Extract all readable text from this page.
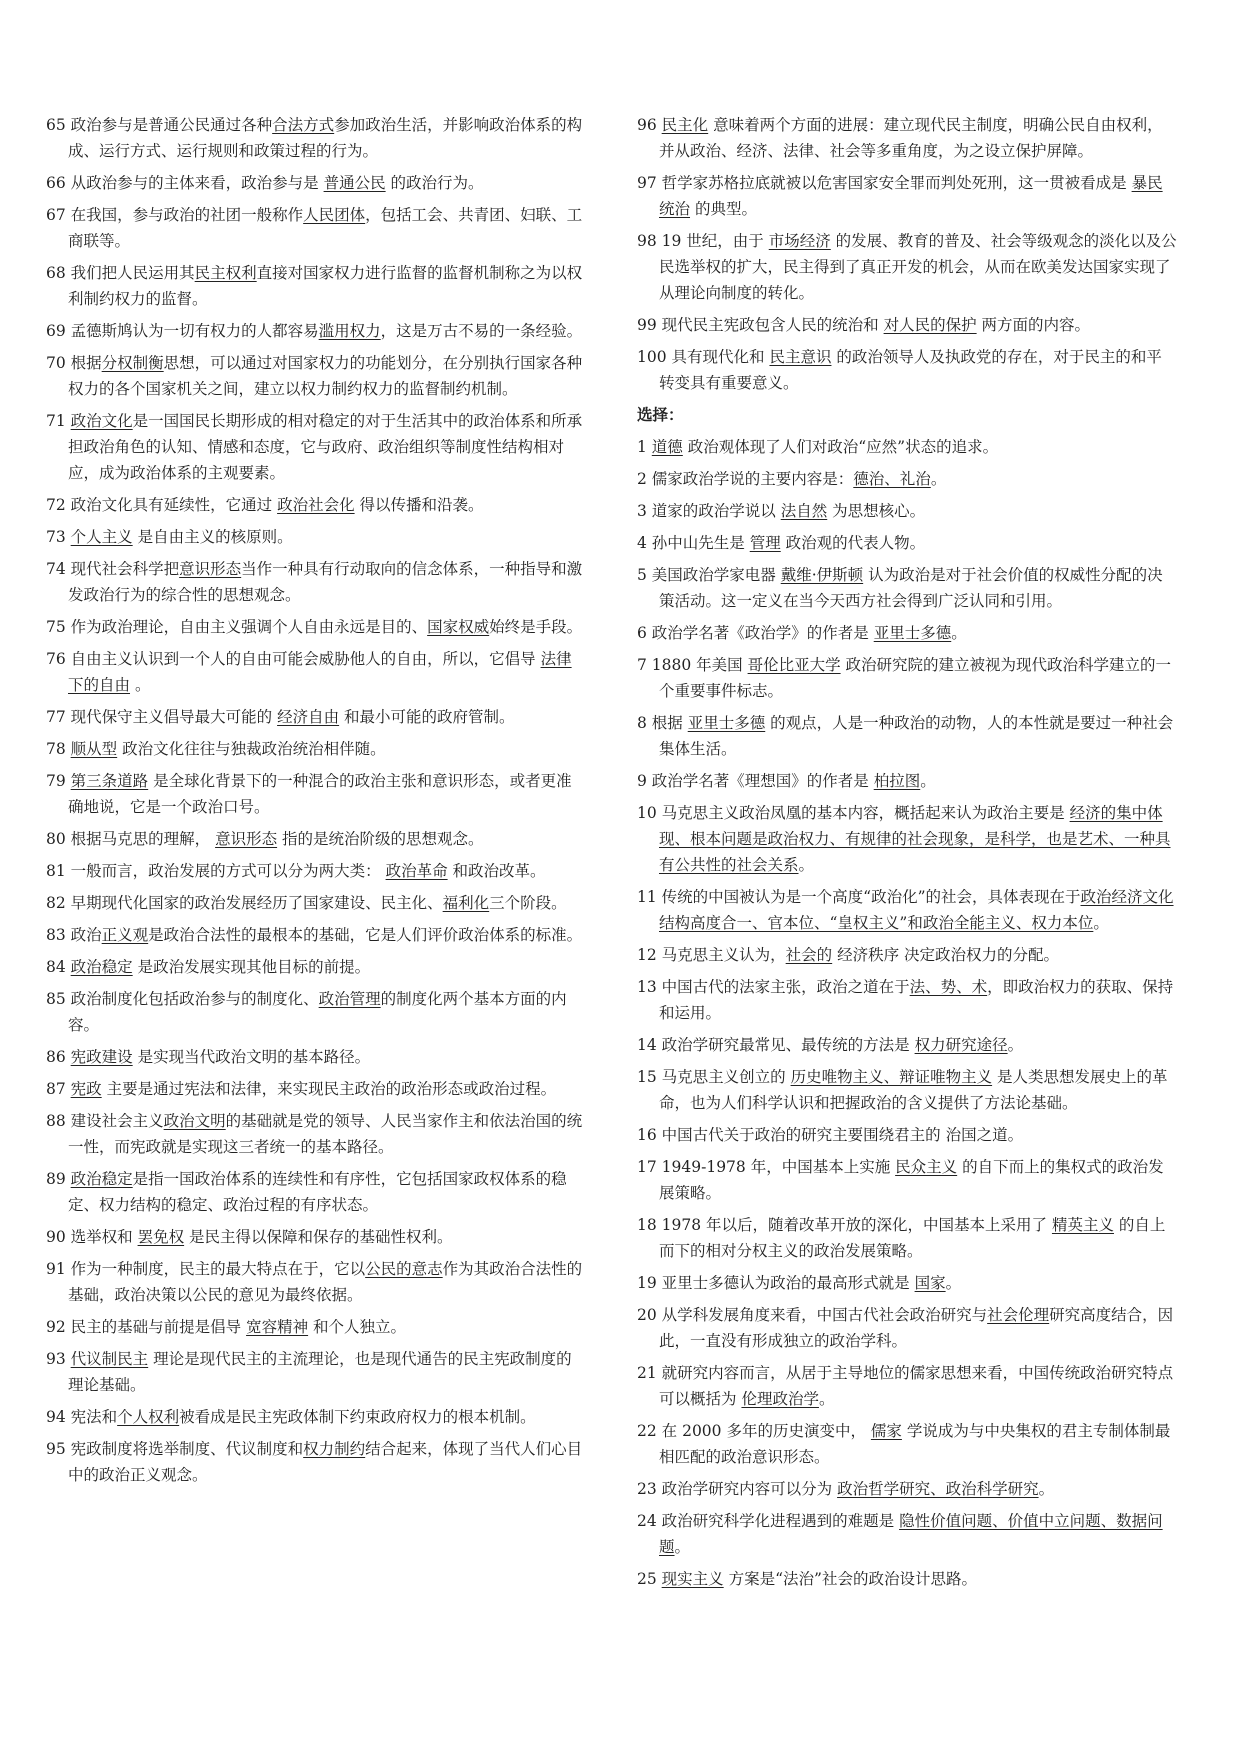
65 政治参与是普通公民通过各种合法方式参加政治生活，并影响政治体系的构成、运行方式、运行规则和政策过程的行为。
66 从政治参与的主体来看，政治参与是 普通公民 的政治行为。
67 在我国，参与政治的社团一般称作人民团体，包括工会、共青团、妇联、工商联等。
68 我们把人民运用其民主权利直接对国家权力进行监督的监督机制称之为以权利制约权力的监督。
69 孟德斯鸠认为一切有权力的人都容易滥用权力，这是万古不易的一条经验。
70 根据分权制衡思想，可以通过对国家权力的功能划分，在分别执行国家各种权力的各个国家机关之间，建立以权力制约权力的监督制约机制。
71 政治文化是一国国民长期形成的相对稳定的对于生活其中的政治体系和所承担政治角色的认知、情感和态度，它与政府、政治组织等制度性结构相对应，成为政治体系的主观要素。
72 政治文化具有延续性，它通过 政治社会化 得以传播和沿袭。
73 个人主义 是自由主义的核原则。
74 现代社会科学把意识形态当作一种具有行动取向的信念体系，一种指导和激发政治行为的综合性的思想观念。
75 作为政治理论，自由主义强调个人自由永远是目的、国家权威始终是手段。
76 自由主义认识到一个人的自由可能会威胁他人的自由，所以，它倡导 法律下的自由 。
77 现代保守主义倡导最大可能的 经济自由 和最小可能的政府管制。
78 顺从型 政治文化往往与独裁政治统治相伴随。
79 第三条道路 是全球化背景下的一种混合的政治主张和意识形态，或者更准确地说，它是一个政治口号。
80 根据马克思的理解， 意识形态 指的是统治阶级的思想观念。
81 一般而言，政治发展的方式可以分为两大类： 政治革命 和政治改革。
82 早期现代化国家的政治发展经历了国家建设、民主化、福利化三个阶段。
83 政治正义观是政治合法性的最根本的基础，它是人们评价政治体系的标准。
84 政治稳定 是政治发展实现其他目标的前提。
85 政治制度化包括政治参与的制度化、政治管理的制度化两个基本方面的内容。
86 宪政建设 是实现当代政治文明的基本路径。
87 宪政 主要是通过宪法和法律，来实现民主政治的政治形态或政治过程。
88 建设社会主义政治文明的基础就是党的领导、人民当家作主和依法治国的统一性，而宪政就是实现这三者统一的基本路径。
89 政治稳定是指一国政治体系的连续性和有序性，它包括国家政权体系的稳定、权力结构的稳定、政治过程的有序状态。
90 选举权和 罢免权 是民主得以保障和保存的基础性权利。
91 作为一种制度，民主的最大特点在于，它以公民的意志作为其政治合法性的基础，政治决策以公民的意见为最终依据。
92 民主的基础与前提是倡导 宽容精神 和个人独立。
93 代议制民主 理论是现代民主的主流理论，也是现代通告的民主宪政制度的理论基础。
94 宪法和个人权利被看成是民主宪政体制下约束政府权力的根本机制。
95 宪政制度将选举制度、代议制度和权力制约结合起来，体现了当代人们心目中的政治正义观念。
96 民主化 意味着两个方面的进展：建立现代民主制度，明确公民自由权利，并从政治、经济、法律、社会等多重角度，为之设立保护屏障。
97 哲学家苏格拉底就被以危害国家安全罪而判处死刑，这一贯被看成是 暴民统治 的典型。
98 19 世纪，由于 市场经济 的发展、教育的普及、社会等级观念的淡化以及公民选举权的扩大，民主得到了真正开发的机会，从而在欧美发达国家实现了从理论向制度的转化。
99 现代民主宪政包含人民的统治和 对人民的保护 两方面的内容。
100 具有现代化和 民主意识 的政治领导人及执政党的存在，对于民主的和平转变具有重要意义。
选择：
1 道德 政治观体现了人们对政治“应然”状态的追求。
2 儒家政治学说的主要内容是：德治、礼治。
3 道家的政治学说以 法自然 为思想核心。
4 孙中山先生是 管理 政治观的代表人物。
5 美国政治学家电器 戴维·伊斯顿 认为政治是对于社会价值的权威性分配的决策活动。这一定义在当今天西方社会得到广泛认同和引用。
6 政治学名著《政治学》的作者是 亚里士多德。
7 1880 年美国 哥伦比亚大学 政治研究院的建立被视为现代政治科学建立的一个重要事件标志。
8 根据 亚里士多德 的观点，人是一种政治的动物，人的本性就是要过一种社会集体生活。
9 政治学名著《理想国》的作者是 柏拉图。
10 马克思主义政治凤凰的基本内容，概括起来认为政治主要是 经济的集中体现、根本问题是政治权力、有规律的社会现象，是科学，也是艺术、一种具有公共性的社会关系。
11 传统的中国被认为是一个高度“政治化”的社会，具体表现在于政治经济文化结构高度合一、官本位、“皇权主义”和政治全能主义、权力本位。
12 马克思主义认为，社会的 经济秩序 决定政治权力的分配。
13 中国古代的法家主张，政治之道在于法、势、术，即政治权力的获取、保持和运用。
14 政治学研究最常见、最传统的方法是 权力研究途径。
15 马克思主义创立的 历史唯物主义、辩证唯物主义 是人类思想发展史上的革命，也为人们科学认识和把握政治的含义提供了方法论基础。
16 中国古代关于政治的研究主要围绕君主的 治国之道。
17 1949-1978 年，中国基本上实施 民众主义 的自下而上的集权式的政治发展策略。
18 1978 年以后，随着改革开放的深化，中国基本上采用了 精英主义 的自上而下的相对分权主义的政治发展策略。
19 亚里士多德认为政治的最高形式就是 国家。
20 从学科发展角度来看，中国古代社会政治研究与社会伦理研究高度结合，因此，一直没有形成独立的政治学科。
21 就研究内容而言，从居于主导地位的儒家思想来看，中国传统政治研究特点可以概括为 伦理政治学。
22 在 2000 多年的历史演变中， 儒家 学说成为与中央集权的君主专制体制最相匹配的政治意识形态。
23 政治学研究内容可以分为 政治哲学研究、政治科学研究。
24 政治研究科学化进程遇到的难题是 隐性价值问题、价值中立问题、数据问题。
25 现实主义 方案是“法治”社会的政治设计思路。
